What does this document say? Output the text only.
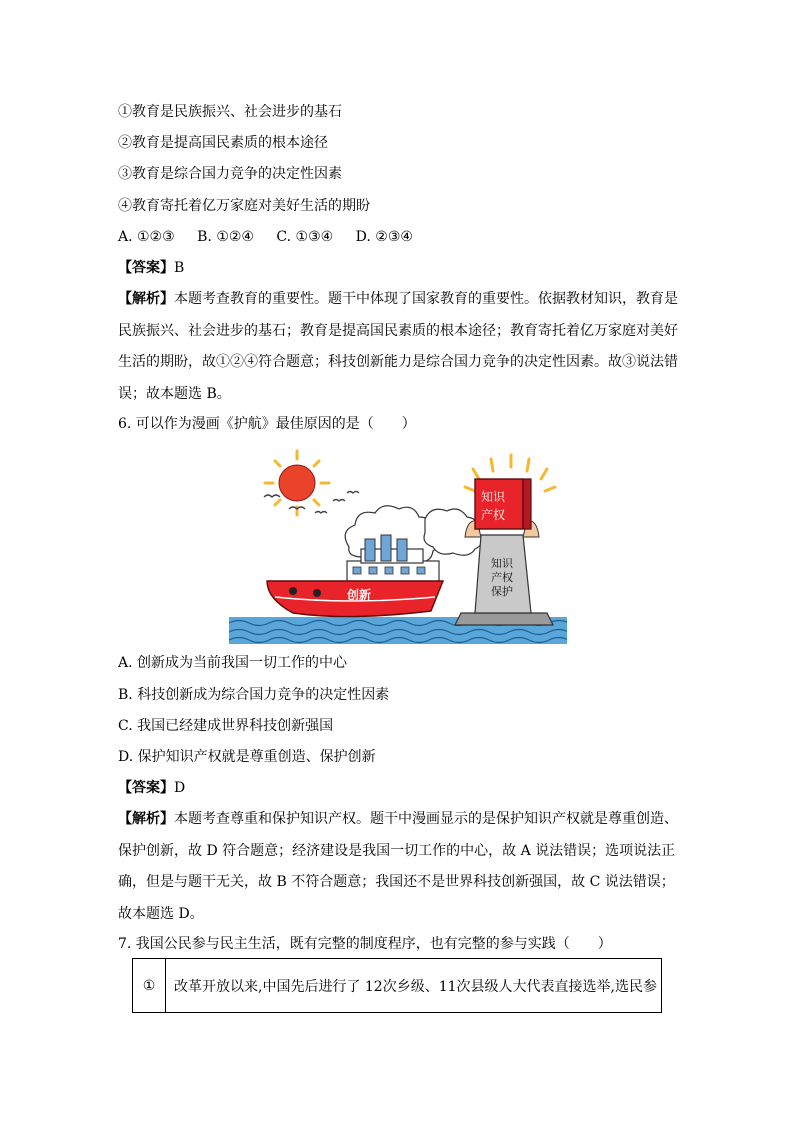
①教育是民族振兴、社会进步的基石
②教育是提高国民素质的根本途径
③教育是综合国力竞争的决定性因素
④教育寄托着亿万家庭对美好生活的期盼
A. ①②③ B. ①②④ C. ①③④ D. ②③④
【答案】B
【解析】本题考查教育的重要性。题干中体现了国家教育的重要性。依据教材知识，教育是民族振兴、社会进步的基石；教育是提高国民素质的根本途径；教育寄托着亿万家庭对美好生活的期盼，故①②④符合题意；科技创新能力是综合国力竞争的决定性因素。故③说法错误；故本题选 B。
6. 可以作为漫画《护航》最佳原因的是（　　）
创新
知识
产权
保护
知识
产权
A. 创新成为当前我国一切工作的中心
B. 科技创新成为综合国力竞争的决定性因素
C. 我国已经建成世界科技创新强国
D. 保护知识产权就是尊重创造、保护创新
【答案】D
【解析】本题考查尊重和保护知识产权。题干中漫画显示的是保护知识产权就是尊重创造、保护创新，故 D 符合题意；经济建设是我国一切工作的中心，故 A 说法错误；选项说法正确，但是与题干无关，故 B 不符合题意；我国还不是世界科技创新强国，故 C 说法错误；故本题选 D。
7. 我国公民参与民主生活，既有完整的制度程序，也有完整的参与实践（　　）
①	改革开放以来,中国先后进行了 12次乡级、11次县级人大代表直接选举,选民参
